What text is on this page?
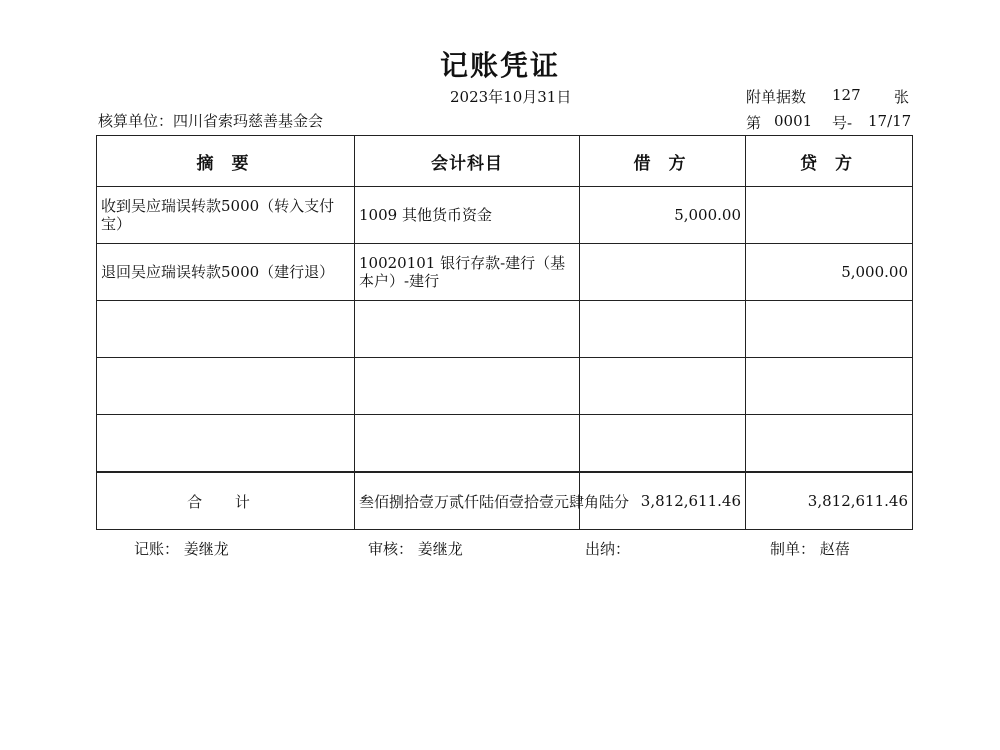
记账凭证
2023年10月31日
核算单位：四川省索玛慈善基金会
附单据数 127 张
第 0001 号- 17/17
摘 要	会计科目	借 方	贷 方
收到吴应瑞误转款5000（转入支付宝）	1009 其他货币资金	5,000.00	
退回吴应瑞误转款5000（建行退）	10020101 银行存款-建行（基本户）-建行		5,000.00

合 计	叁佰捌拾壹万贰仟陆佰壹拾壹元肆角陆分	3,812,611.46	3,812,611.46
记账： 姜继龙	审核： 姜继龙	出纳：	制单： 赵蓓
